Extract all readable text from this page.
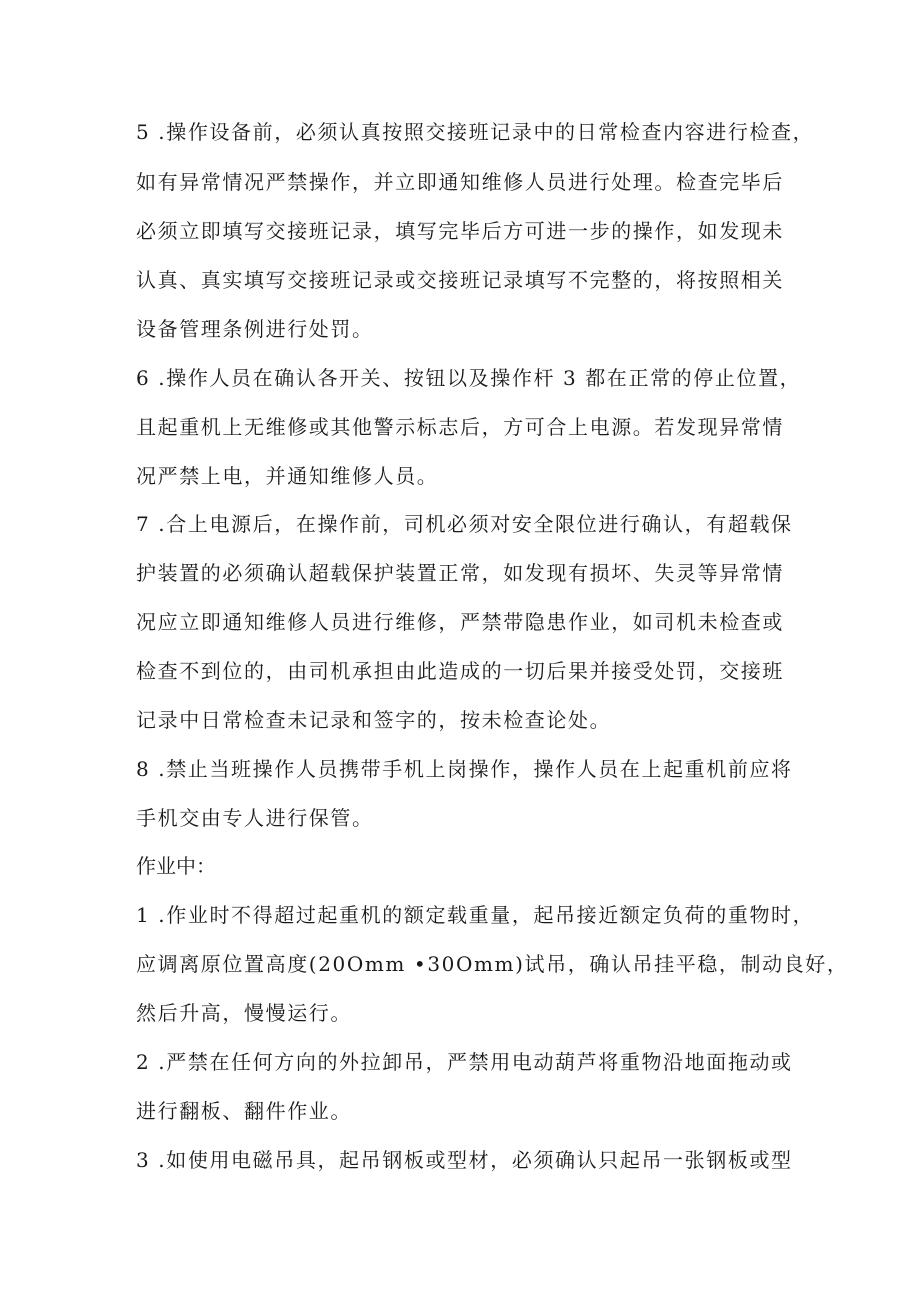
5 .操作设备前，必须认真按照交接班记录中的日常检查内容进行检查，
如有异常情况严禁操作，并立即通知维修人员进行处理。检查完毕后
必须立即填写交接班记录，填写完毕后方可进一步的操作，如发现未
认真、真实填写交接班记录或交接班记录填写不完整的，将按照相关
设备管理条例进行处罚。
6 .操作人员在确认各开关、按钮以及操作杆 3 都在正常的停止位置，
且起重机上无维修或其他警示标志后，方可合上电源。若发现异常情
况严禁上电，并通知维修人员。
7 .合上电源后，在操作前，司机必须对安全限位进行确认，有超载保
护装置的必须确认超载保护装置正常，如发现有损坏、失灵等异常情
况应立即通知维修人员进行维修，严禁带隐患作业，如司机未检查或
检查不到位的，由司机承担由此造成的一切后果并接受处罚，交接班
记录中日常检查未记录和签字的，按未检查论处。
8 .禁止当班操作人员携带手机上岗操作，操作人员在上起重机前应将
手机交由专人进行保管。
作业中：
1 .作业时不得超过起重机的额定载重量，起吊接近额定负荷的重物时，
应调离原位置高度(20Omm •30Omm)试吊，确认吊挂平稳，制动良好，
然后升高，慢慢运行。
2 .严禁在任何方向的外拉卸吊，严禁用电动葫芦将重物沿地面拖动或
进行翻板、翻件作业。
3 .如使用电磁吊具，起吊钢板或型材，必须确认只起吊一张钢板或型
